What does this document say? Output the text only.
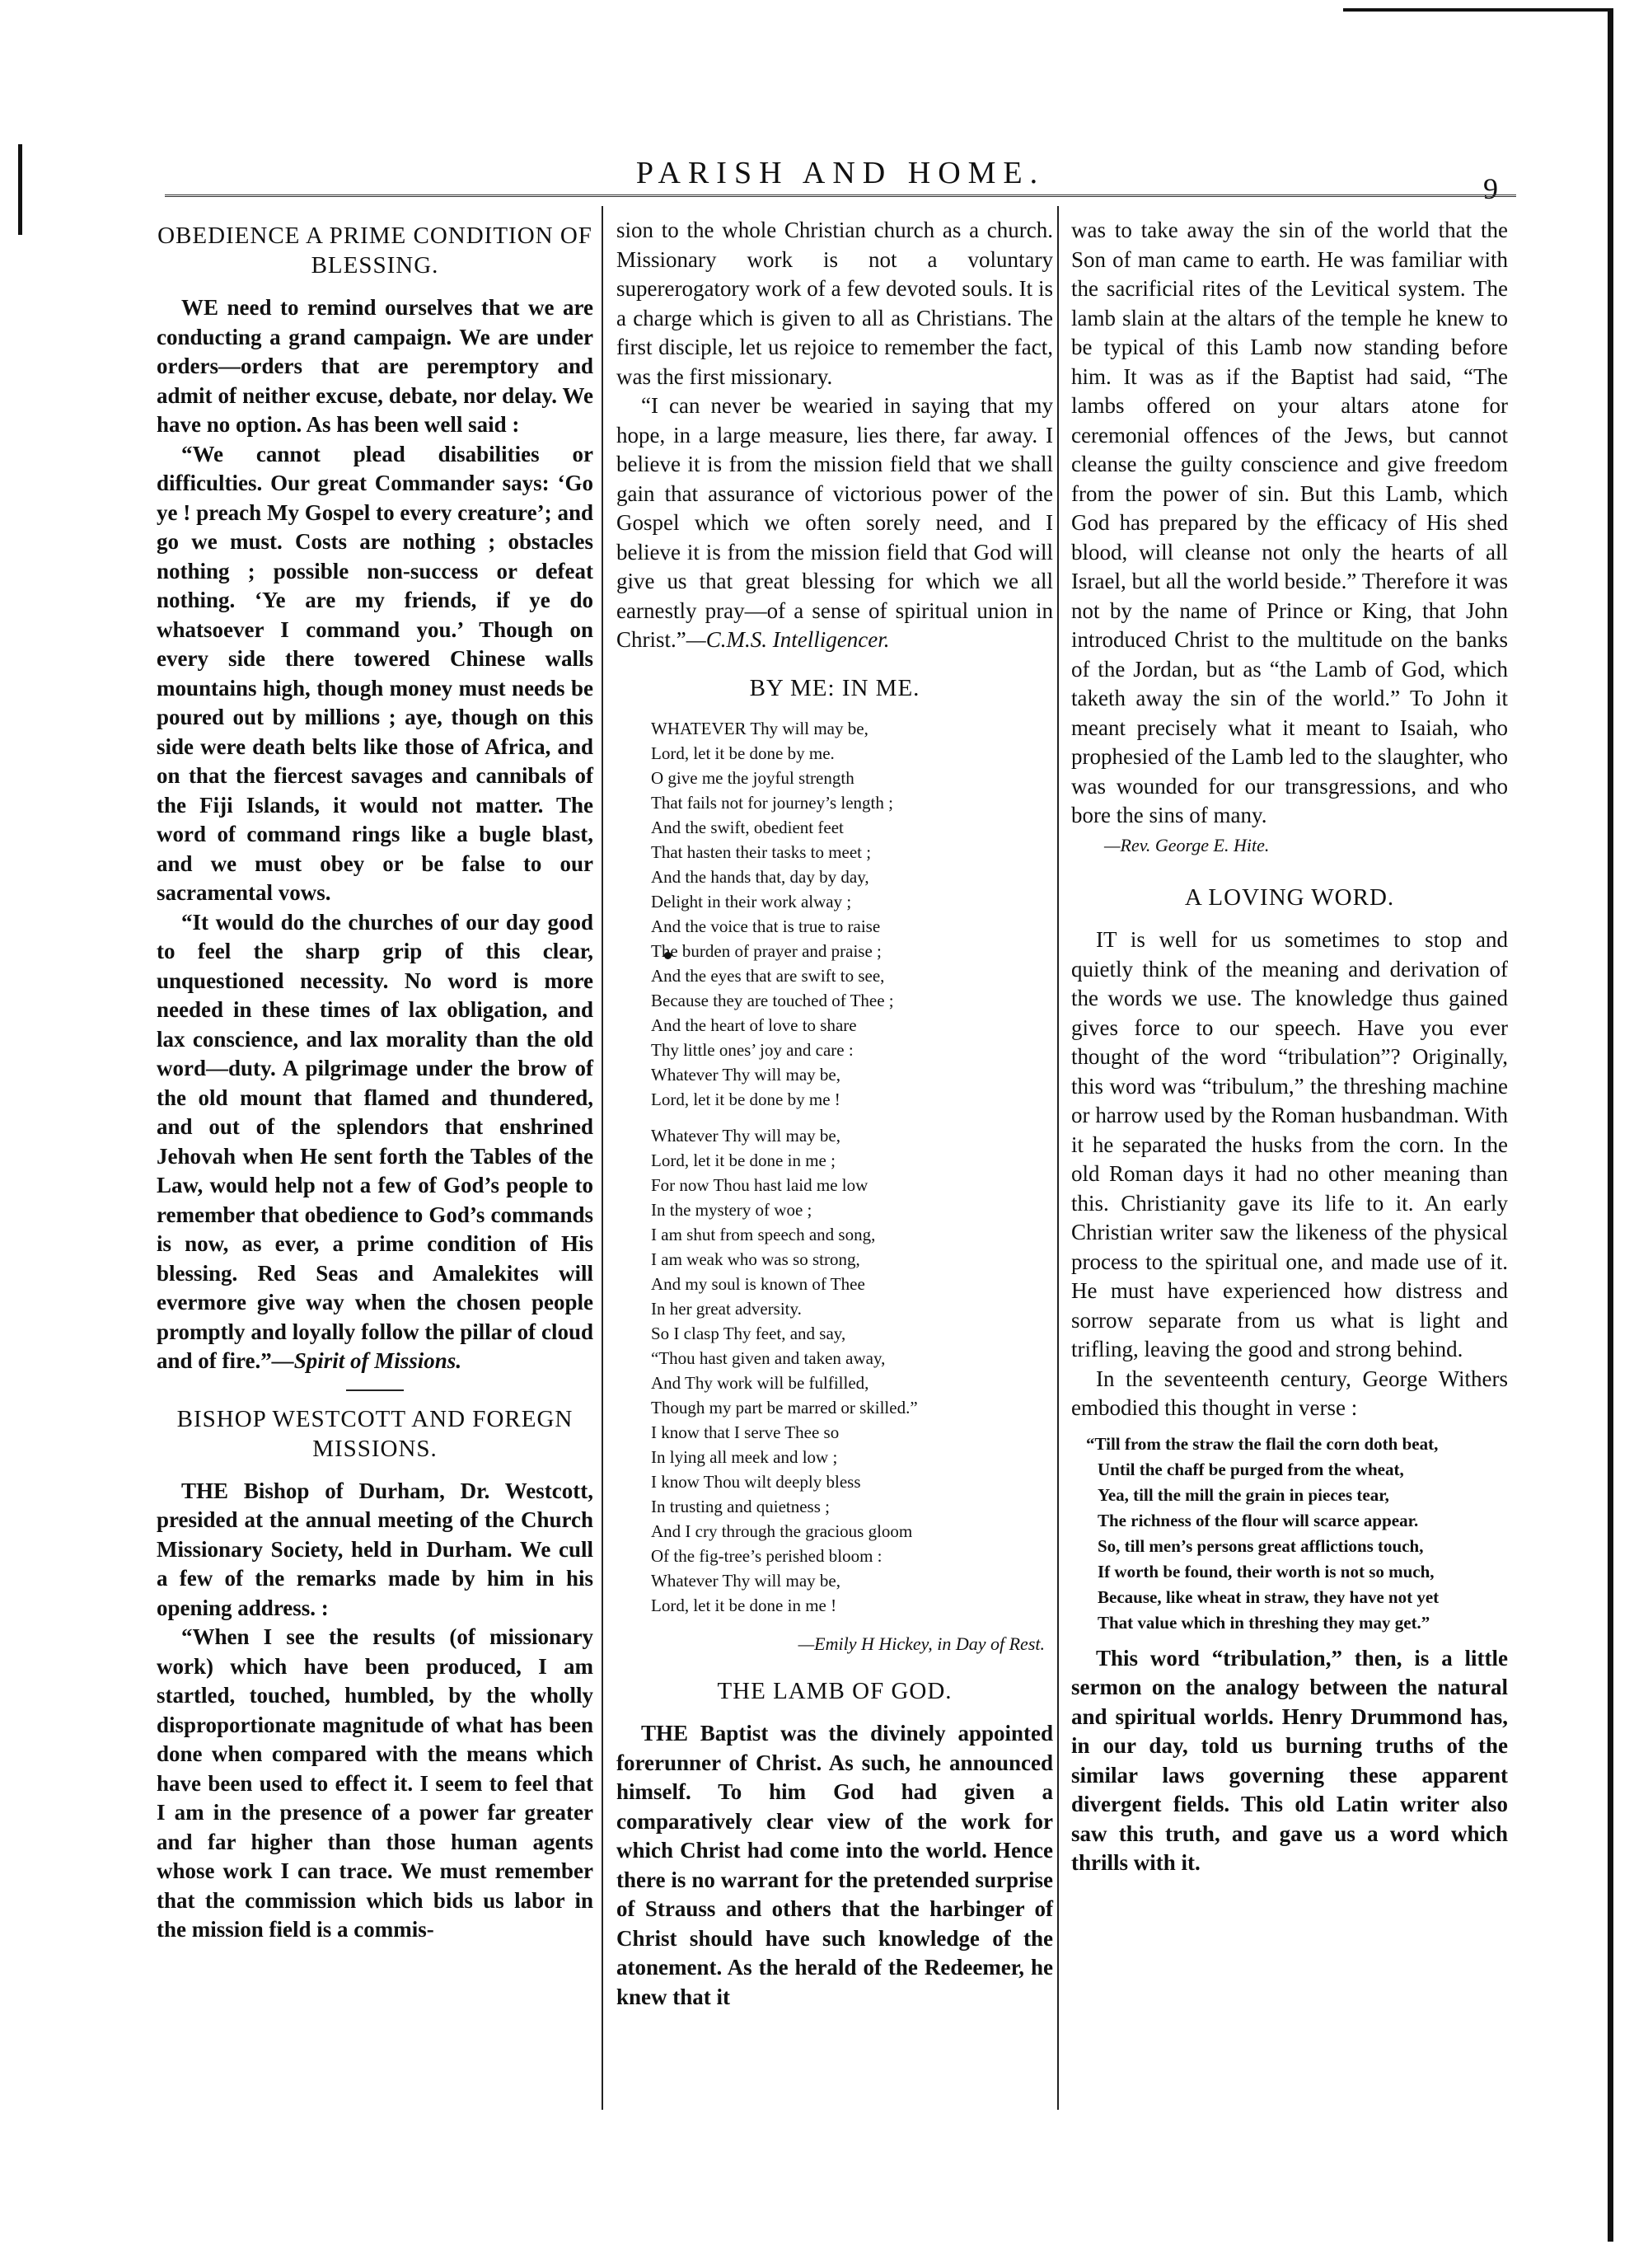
PARISH AND HOME.	9
OBEDIENCE A PRIME CONDITION OF BLESSING.

WE need to remind ourselves that we are conducting a grand campaign. We are under orders—orders that are peremptory and admit of neither excuse, debate, nor delay. We have no option. As has been well said :

“We cannot plead disabilities or difficulties. Our great Commander says: ‘Go ye ! preach My Gospel to every creature’; and go we must. Costs are nothing ; obstacles nothing ; possible non-success or defeat nothing. ‘Ye are my friends, if ye do whatsoever I command you.’ Though on every side there towered Chinese walls mountains high, though money must needs be poured out by millions ; aye, though on this side were death belts like those of Africa, and on that the fiercest savages and cannibals of the Fiji Islands, it would not matter. The word of command rings like a bugle blast, and we must obey or be false to our sacramental vows.

“It would do the churches of our day good to feel the sharp grip of this clear, unquestioned necessity. No word is more needed in these times of lax obligation, and lax conscience, and lax morality than the old word—duty. A pilgrimage under the brow of the old mount that flamed and thundered, and out of the splendors that enshrined Jehovah when He sent forth the Tables of the Law, would help not a few of God’s people to remember that obedience to God’s commands is now, as ever, a prime condition of His blessing. Red Seas and Amalekites will evermore give way when the chosen people promptly and loyally follow the pillar of cloud and of fire.”—Spirit of Missions.

BISHOP WESTCOTT AND FOREGN MISSIONS.

THE Bishop of Durham, Dr. Westcott, presided at the annual meeting of the Church Missionary Society, held in Durham. We cull a few of the remarks made by him in his opening address. :

“When I see the results (of missionary work) which have been produced, I am startled, touched, humbled, by the wholly disproportionate magnitude of what has been done when compared with the means which have been used to effect it. I seem to feel that I am in the presence of a power far greater and far higher than those human agents whose work I can trace. We must remember that the commission which bids us labor in the mission field is a commis-

sion to the whole Christian church as a church. Missionary work is not a voluntary supererogatory work of a few devoted souls. It is a charge which is given to all as Christians. The first disciple, let us rejoice to remember the fact, was the first missionary.

“I can never be wearied in saying that my hope, in a large measure, lies there, far away. I believe it is from the mission field that we shall gain that assurance of victorious power of the Gospel which we often sorely need, and I believe it is from the mission field that God will give us that great blessing for which we all earnestly pray—of a sense of spiritual union in Christ.”—C.M.S. Intelligencer.

BY ME: IN ME.
WHATEVER Thy will may be,
Lord, let it be done by me.
O give me the joyful strength
That fails not for journey’s length ;
And the swift, obedient feet
That hasten their tasks to meet ;
And the hands that, day by day,
Delight in their work alway ;
And the voice that is true to raise
The burden of prayer and praise ;
And the eyes that are swift to see,
Because they are touched of Thee ;
And the heart of love to share
Thy little ones’ joy and care :
Whatever Thy will may be,
Lord, let it be done by me !
Whatever Thy will may be,
Lord, let it be done in me ;
For now Thou hast laid me low
In the mystery of woe ;
I am shut from speech and song,
I am weak who was so strong,
And my soul is known of Thee
In her great adversity.
So I clasp Thy feet, and say,
“Thou hast given and taken away,
And Thy work will be fulfilled,
Though my part be marred or skilled.”
I know that I serve Thee so
In lying all meek and low ;
I know Thou wilt deeply bless
In trusting and quietness ;
And I cry through the gracious gloom
Of the fig-tree’s perished bloom :
Whatever Thy will may be,
Lord, let it be done in me !
—Emily H Hickey, in Day of Rest.
THE LAMB OF GOD.

THE Baptist was the divinely appointed forerunner of Christ. As such, he announced himself. To him God had given a comparatively clear view of the work for which Christ had come into the world. Hence there is no warrant for the pretended surprise of Strauss and others that the harbinger of Christ should have such knowledge of the atonement. As the herald of the Redeemer, he knew that it

was to take away the sin of the world that the Son of man came to earth. He was familiar with the sacrificial rites of the Levitical system. The lamb slain at the altars of the temple he knew to be typical of this Lamb now standing before him. It was as if the Baptist had said, “The lambs offered on your altars atone for ceremonial offences of the Jews, but cannot cleanse the guilty conscience and give freedom from the power of sin. But this Lamb, which God has prepared by the efficacy of His shed blood, will cleanse not only the hearts of all Israel, but all the world beside.” Therefore it was not by the name of Prince or King, that John introduced Christ to the multitude on the banks of the Jordan, but as “the Lamb of God, which taketh away the sin of the world.” To John it meant precisely what it meant to Isaiah, who prophesied of the Lamb led to the slaughter, who was wounded for our transgressions, and who bore the sins of many.

—Rev. George E. Hite.
A LOVING WORD.

IT is well for us sometimes to stop and quietly think of the meaning and derivation of the words we use. The knowledge thus gained gives force to our speech. Have you ever thought of the word “tribulation”? Originally, this word was “tribulum,” the threshing machine or harrow used by the Roman husbandman. With it he separated the husks from the corn. In the old Roman days it had no other meaning than this. Christianity gave its life to it. An early Christian writer saw the likeness of the physical process to the spiritual one, and made use of it. He must have experienced how distress and sorrow separate from us what is light and trifling, leaving the good and strong behind.

In the seventeenth century, George Withers embodied this thought in verse :

“Till from the straw the flail the corn doth beat,
Until the chaff be purged from the wheat,
Yea, till the mill the grain in pieces tear,
The richness of the flour will scarce appear.
So, till men’s persons great afflictions touch,
If worth be found, their worth is not so much,
Because, like wheat in straw, they have not yet
That value which in threshing they may get.”

This word “tribulation,” then, is a little sermon on the analogy between the natural and spiritual worlds. Henry Drummond has, in our day, told us burning truths of the similar laws governing these apparent divergent fields. This old Latin writer also saw this truth, and gave us a word which thrills with it.
